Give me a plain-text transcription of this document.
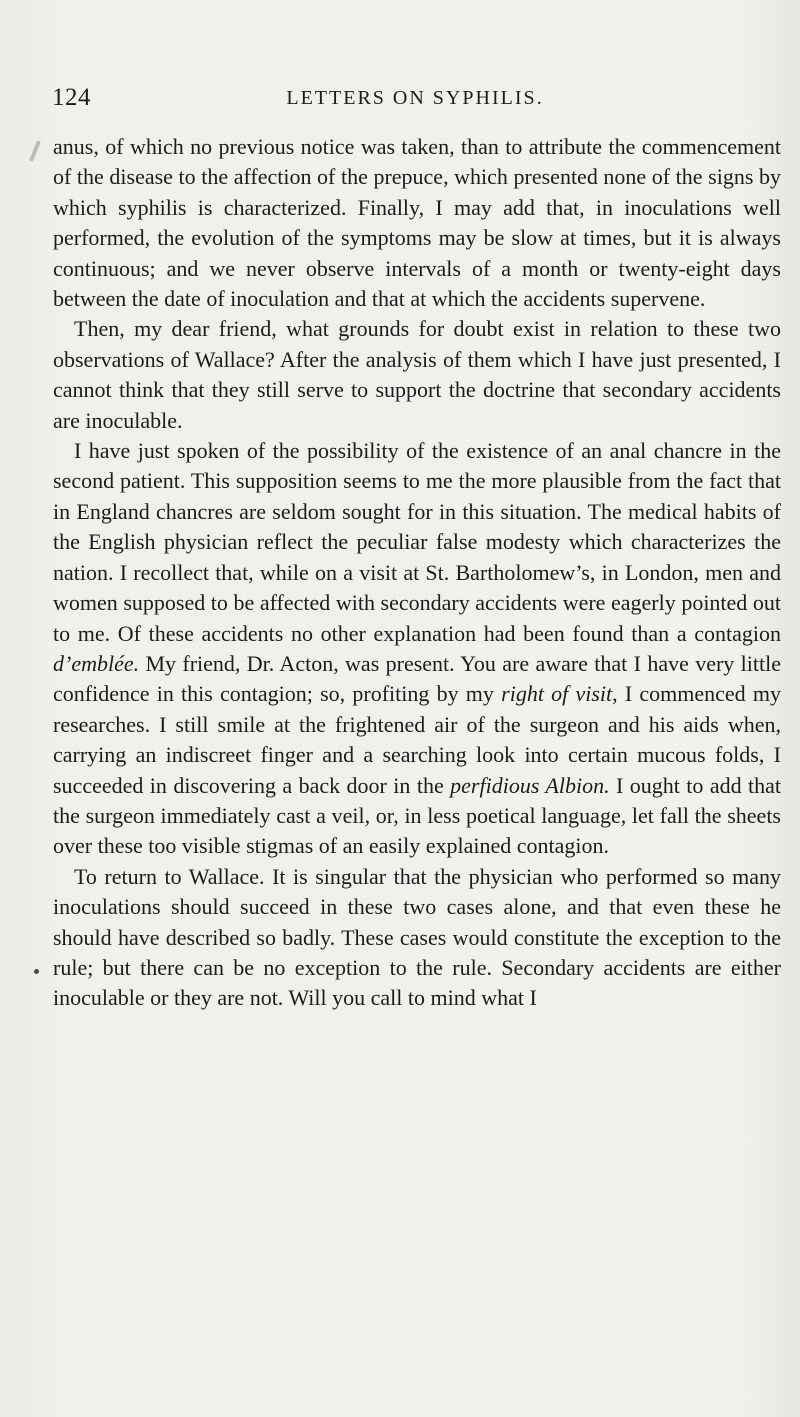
124	LETTERS ON SYPHILIS.

anus, of which no previous notice was taken, than to attribute the commencement of the disease to the affection of the prepuce, which presented none of the signs by which syphilis is characterized. Finally, I may add that, in inoculations well performed, the evolution of the symptoms may be slow at times, but it is always continuous; and we never observe intervals of a month or twenty-eight days between the date of inoculation and that at which the accidents supervene.

Then, my dear friend, what grounds for doubt exist in relation to these two observations of Wallace? After the analysis of them which I have just presented, I cannot think that they still serve to support the doctrine that secondary accidents are inoculable.

I have just spoken of the possibility of the existence of an anal chancre in the second patient. This supposition seems to me the more plausible from the fact that in England chancres are seldom sought for in this situation. The medical habits of the English physician reflect the peculiar false modesty which characterizes the nation. I recollect that, while on a visit at St. Bartholomew’s, in London, men and women supposed to be affected with secondary accidents were eagerly pointed out to me. Of these accidents no other explanation had been found than a contagion d’emblée. My friend, Dr. Acton, was present. You are aware that I have very little confidence in this contagion; so, profiting by my right of visit, I commenced my researches. I still smile at the frightened air of the surgeon and his aids when, carrying an indiscreet finger and a searching look into certain mucous folds, I succeeded in discovering a back door in the perfidious Albion. I ought to add that the surgeon immediately cast a veil, or, in less poetical language, let fall the sheets over these too visible stigmas of an easily explained contagion.

To return to Wallace. It is singular that the physician who performed so many inoculations should succeed in these two cases alone, and that even these he should have described so badly. These cases would constitute the exception to the rule; but there can be no exception to the rule. Secondary accidents are either inoculable or they are not. Will you call to mind what I
